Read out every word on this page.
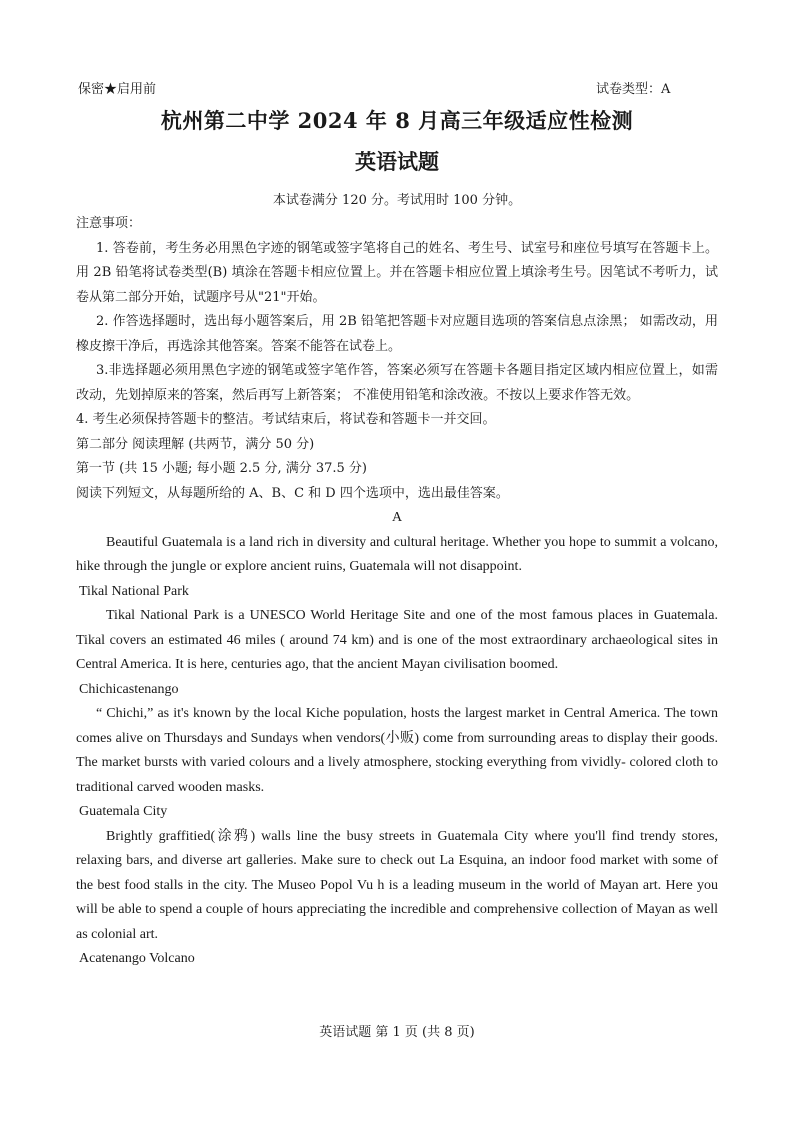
保密★启用前	试卷类型：A
杭州第二中学 2024 年 8 月高三年级适应性检测
英语试题
本试卷满分 120 分。考试用时 100 分钟。

注意事项：

1. 答卷前，考生务必用黑色字迹的钢笔或签字笔将自己的姓名、考生号、试室号和座位号填写在答题卡上。用 2B 铅笔将试卷类型(B) 填涂在答题卡相应位置上。并在答题卡相应位置上填涂考生号。因笔试不考听力，试卷从第二部分开始，试题序号从"21"开始。

2. 作答选择题时，选出每小题答案后，用 2B 铅笔把答题卡对应题目选项的答案信息点涂黑； 如需改动，用橡皮擦干净后，再选涂其他答案。答案不能答在试卷上。

3.非选择题必须用黑色字迹的钢笔或签字笔作答，答案必须写在答题卡各题目指定区域内相应位置上，如需改动，先划掉原来的答案，然后再写上新答案； 不准使用铅笔和涂改液。不按以上要求作答无效。

4. 考生必须保持答题卡的整洁。考试结束后，将试卷和答题卡一并交回。

第二部分 阅读理解 (共两节，满分 50 分)

第一节 (共 15 小题; 每小题 2.5 分, 满分 37.5 分)

阅读下列短文，从每题所给的 A、B、C 和 D 四个选项中，选出最佳答案。

A

Beautiful Guatemala is a land rich in diversity and cultural heritage. Whether you hope to summit a volcano, hike through the jungle or explore ancient ruins, Guatemala will not disappoint.

Tikal National Park

Tikal National Park is a UNESCO World Heritage Site and one of the most famous places in Guatemala. Tikal covers an estimated 46 miles ( around 74 km) and is one of the most extraordinary archaeological sites in Central America. It is here, centuries ago, that the ancient Mayan civilisation boomed.

Chichicastenango

“ Chichi,” as it's known by the local Kiche population, hosts the largest market in Central America. The town comes alive on Thursdays and Sundays when vendors(小贩) come from surrounding areas to display their goods. The market bursts with varied colours and a lively atmosphere, stocking everything from vividly- colored cloth to traditional carved wooden masks.

Guatemala City

Brightly graffitied(涂鸦) walls line the busy streets in Guatemala City where you'll find trendy stores, relaxing bars, and diverse art galleries. Make sure to check out La Esquina, an indoor food market with some of the best food stalls in the city. The Museo Popol Vu h is a leading museum in the world of Mayan art. Here you will be able to spend a couple of hours appreciating the incredible and comprehensive collection of Mayan as well as colonial art.

Acatenango Volcano

英语试题 第 1 页 (共 8 页)
